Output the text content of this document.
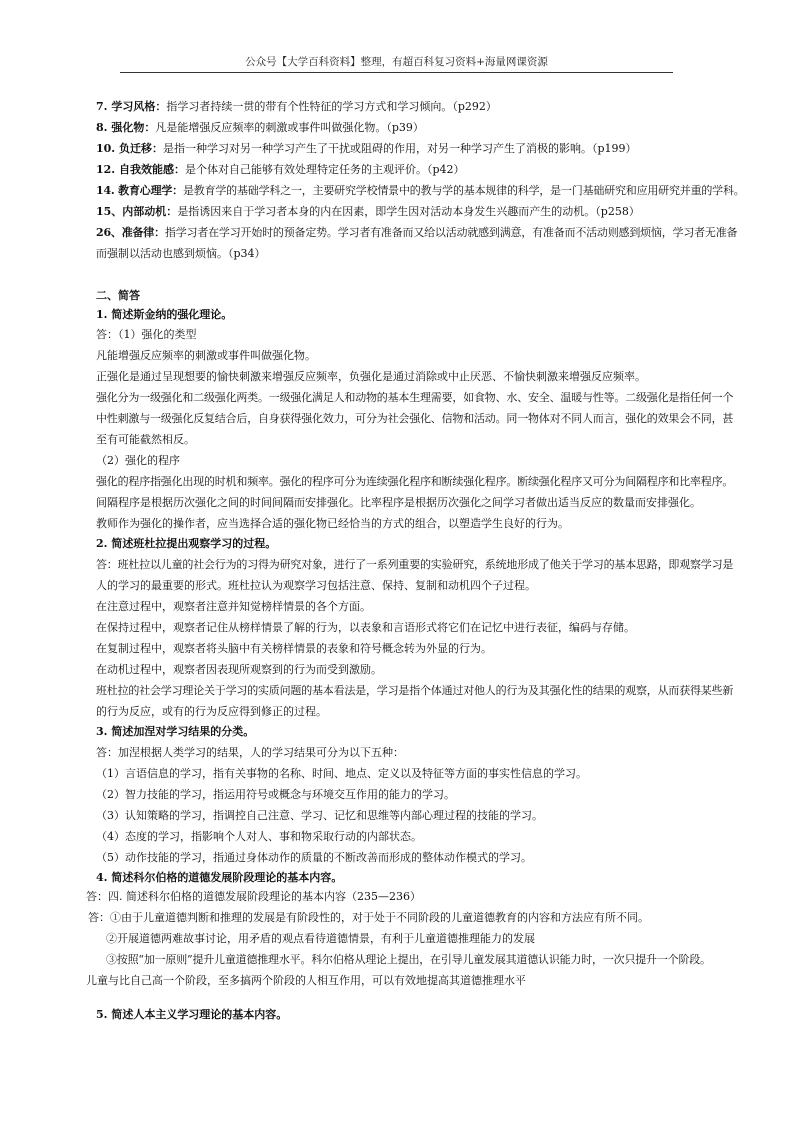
公众号【大学百科资料】整理，有超百科复习资料+海量网课资源
7. 学习风格：指学习者持续一贯的带有个性特征的学习方式和学习倾向。（p292）
8. 强化物：凡是能增强反应频率的刺激或事件叫做强化物。（p39）
10. 负迁移：是指一种学习对另一种学习产生了干扰或阻碍的作用，对另一种学习产生了消极的影响。（p199）
12. 自我效能感：是个体对自己能够有效处理特定任务的主观评价。（p42）
14. 教育心理学：是教育学的基础学科之一，主要研究学校情景中的教与学的基本规律的科学，是一门基础研究和应用研究并重的学科。
15、内部动机：是指诱因来自于学习者本身的内在因素，即学生因对活动本身发生兴趣而产生的动机。（p258）
26、准备律：指学习者在学习开始时的预备定势。学习者有准备而又给以活动就感到满意，有准备而不活动则感到烦恼，学习者无准备
而强制以活动也感到烦恼。（p34）
二、简答
1. 简述斯金纳的强化理论。
答：（1）强化的类型
凡能增强反应频率的刺激或事件叫做强化物。
正强化是通过呈现想要的愉快刺激来增强反应频率，负强化是通过消除或中止厌恶、不愉快刺激来增强反应频率。
强化分为一级强化和二级强化两类。一级强化满足人和动物的基本生理需要，如食物、水、安全、温暖与性等。二级强化是指任何一个
中性刺激与一级强化反复结合后，自身获得强化效力，可分为社会强化、信物和活动。同一物体对不同人而言，强化的效果会不同，甚
至有可能截然相反。
（2）强化的程序
强化的程序指强化出现的时机和频率。强化的程序可分为连续强化程序和断续强化程序。断续强化程序又可分为间隔程序和比率程序。
间隔程序是根据历次强化之间的时间间隔而安排强化。比率程序是根据历次强化之间学习者做出适当反应的数量而安排强化。
教师作为强化的操作者，应当选择合适的强化物已经恰当的方式的组合，以塑造学生良好的行为。
2. 简述班杜拉提出观察学习的过程。
答：班杜拉以儿童的社会行为的习得为研究对象，进行了一系列重要的实验研究，系统地形成了他关于学习的基本思路，即观察学习是
人的学习的最重要的形式。班杜拉认为观察学习包括注意、保持、复制和动机四个子过程。
在注意过程中，观察者注意并知觉榜样情景的各个方面。
在保持过程中，观察者记住从榜样情景了解的行为，以表象和言语形式将它们在记忆中进行表征，编码与存储。
在复制过程中，观察者将头脑中有关榜样情景的表象和符号概念转为外显的行为。
在动机过程中，观察者因表现所观察到的行为而受到激励。
班杜拉的社会学习理论关于学习的实质问题的基本看法是，学习是指个体通过对他人的行为及其强化性的结果的观察，从而获得某些新
的行为反应，或有的行为反应得到修正的过程。
3. 简述加涅对学习结果的分类。
答：加涅根据人类学习的结果，人的学习结果可分为以下五种：
（1）言语信息的学习，指有关事物的名称、时间、地点、定义以及特征等方面的事实性信息的学习。
（2）智力技能的学习，指运用符号或概念与环境交互作用的能力的学习。
（3）认知策略的学习，指调控自己注意、学习、记忆和思维等内部心理过程的技能的学习。
（4）态度的学习，指影响个人对人、事和物采取行动的内部状态。
（5）动作技能的学习，指通过身体动作的质量的不断改善而形成的整体动作模式的学习。
4. 简述科尔伯格的道德发展阶段理论的基本内容。
答：四. 简述科尔伯格的道德发展阶段理论的基本内容（235—236）
答：①由于儿童道德判断和推理的发展是有阶段性的，对于处于不同阶段的儿童道德教育的内容和方法应有所不同。
②开展道德两难故事讨论，用矛盾的观点看待道德情景，有利于儿童道德推理能力的发展
③按照“加一原则”提升儿童道德推理水平。科尔伯格从理论上提出，在引导儿童发展其道德认识能力时，一次只提升一个阶段。
儿童与比自己高一个阶段，至多搞两个阶段的人相互作用，可以有效地提高其道德推理水平
5. 简述人本主义学习理论的基本内容。
